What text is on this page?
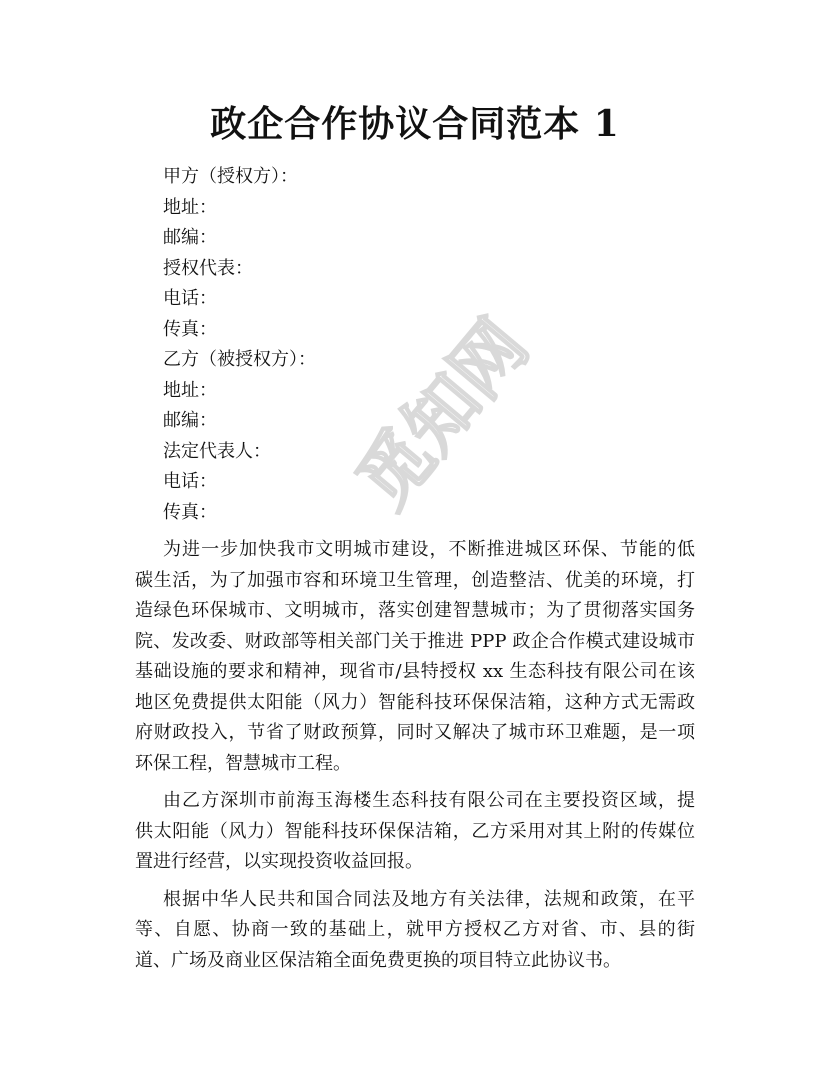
觅知网
政企合作协议合同范本 1
甲方（授权方）：
地址：
邮编：
授权代表：
电话：
传真：
乙方（被授权方）：
地址：
邮编：
法定代表人：
电话：
传真：

为进一步加快我市文明城市建设，不断推进城区环保、节能的低
碳生活，为了加强市容和环境卫生管理，创造整洁、优美的环境，打
造绿色环保城市、文明城市，落实创建智慧城市；为了贯彻落实国务
院、发改委、财政部等相关部门关于推进 PPP 政企合作模式建设城市
基础设施的要求和精神，现省市/县特授权 xx 生态科技有限公司在该
地区免费提供太阳能（风力）智能科技环保保洁箱，这种方式无需政
府财政投入，节省了财政预算，同时又解决了城市环卫难题，是一项
环保工程，智慧城市工程。

由乙方深圳市前海玉海楼生态科技有限公司在主要投资区域，提
供太阳能（风力）智能科技环保保洁箱，乙方采用对其上附的传媒位
置进行经营，以实现投资收益回报。

根据中华人民共和国合同法及地方有关法律，法规和政策，在平
等、自愿、协商一致的基础上，就甲方授权乙方对省、市、县的街
道、广场及商业区保洁箱全面免费更换的项目特立此协议书。
